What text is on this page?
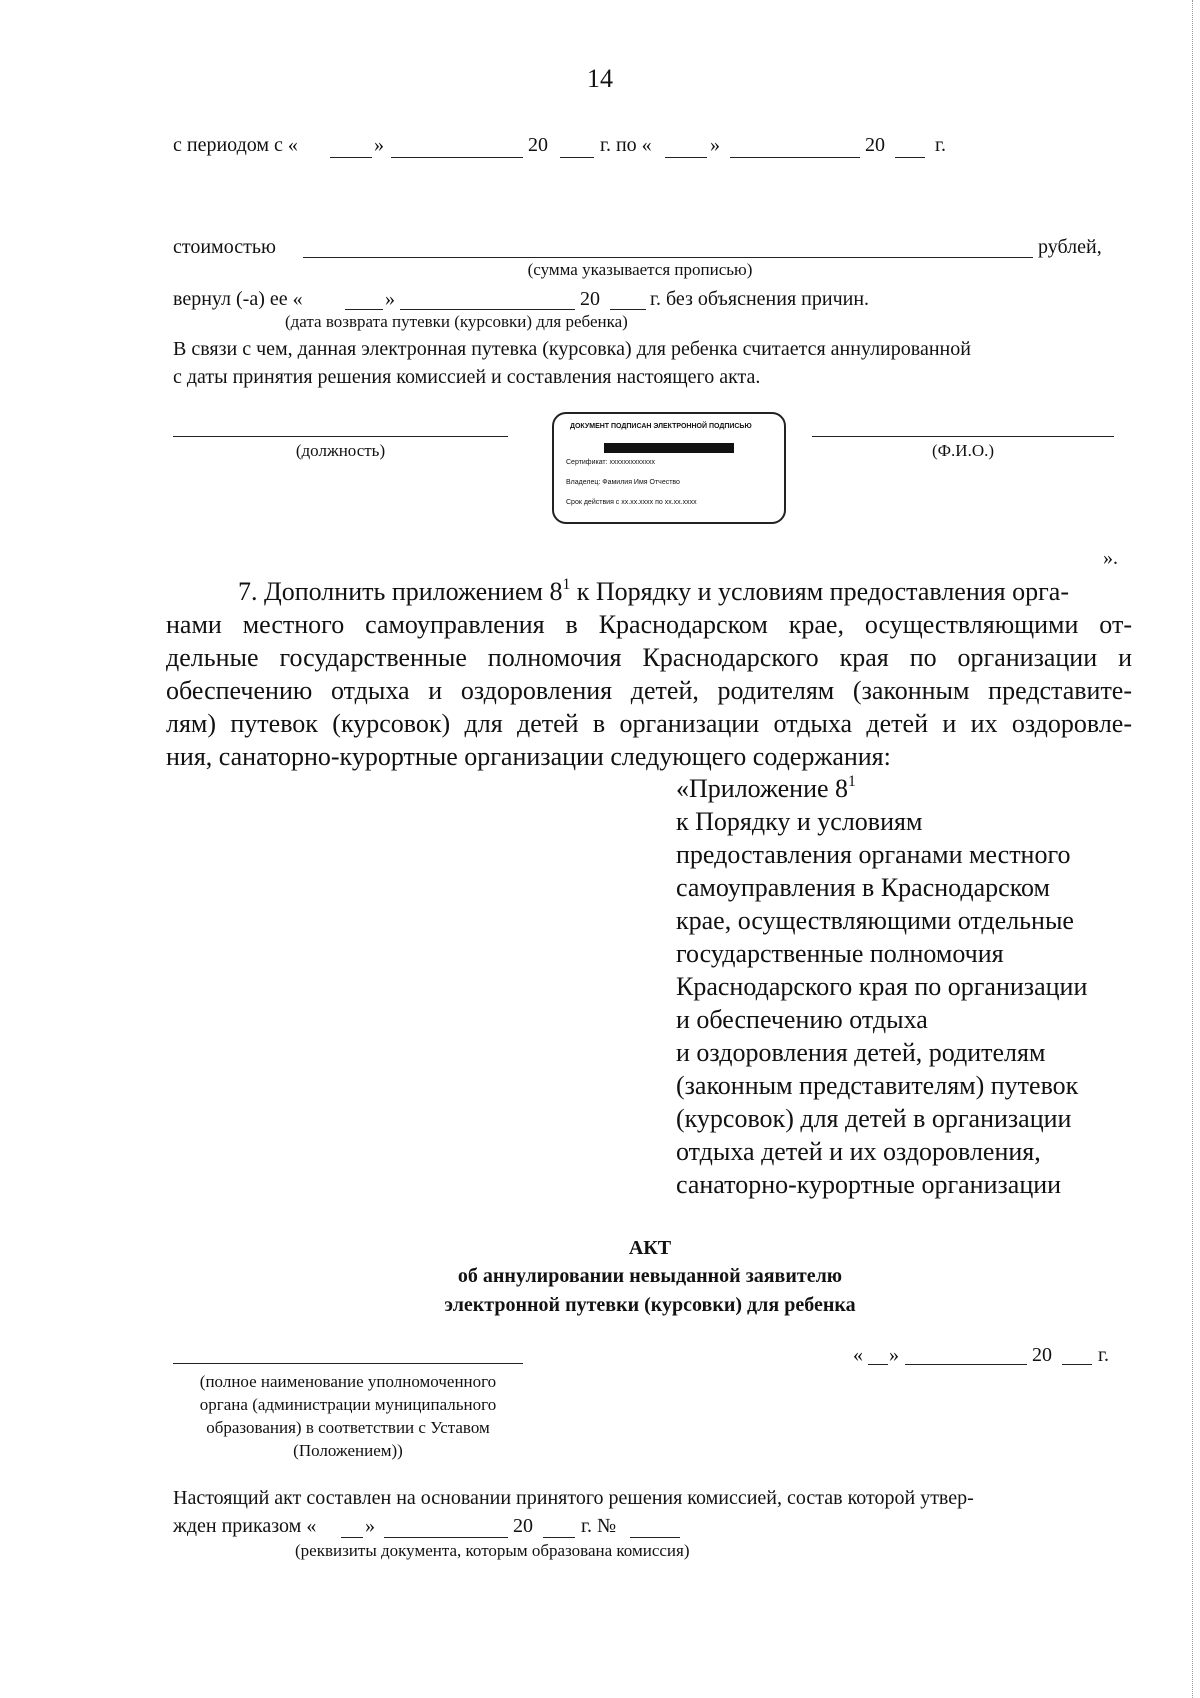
14
с периодом с «	»	20	г. по «	»	20	г.
стоимостью	рублей,
(сумма указывается прописью)
вернул (-а) ее «	»	20	г. без объяснения причин.
(дата возврата путевки (курсовки) для ребенка)
В связи с чем, данная электронная путевка (курсовка) для ребенка считается аннулированной
с даты принятия решения комиссией и составления настоящего акта.
(должность)
ДОКУМЕНТ ПОДПИСАН ЭЛЕКТРОННОЙ ПОДПИСЬЮ
Сертификат: xxxxxxxxxxxxx
Владелец: Фамилия Имя Отчество
Срок действия с xx.xx.xxxx по xx.xx.xxxx
(Ф.И.О.)
».
7. Дополнить приложением $8^1$ к Порядку и условиям предоставления орга-
нами местного самоуправления в Краснодарском крае, осуществляющими от-
дельные государственные полномочия Краснодарского края по организации и
обеспечению отдыха и оздоровления детей, родителям (законным представите-
лям) путевок (курсовок) для детей в организации отдыха детей и их оздоровле-
ния, санаторно-курортные организации следующего содержания:
«Приложение $8^1$
к Порядку и условиям
предоставления органами местного
самоуправления в Краснодарском
крае, осуществляющими отдельные
государственные полномочия
Краснодарского края по организации
и обеспечению отдыха
и оздоровления детей, родителям
(законным представителям) путевок
(курсовок) для детей в организации
отдыха детей и их оздоровления,
санаторно-курортные организации
АКТ
об аннулировании невыданной заявителю
электронной путевки (курсовки) для ребенка
« »	20 г.
(полное наименование уполномоченного
органа (администрации муниципального
образования) в соответствии с Уставом
(Положением))
Настоящий акт составлен на основании принятого решения комиссией, состав которой утвер-
жден приказом « »	20 г. №
(реквизиты документа, которым образована комиссия)
